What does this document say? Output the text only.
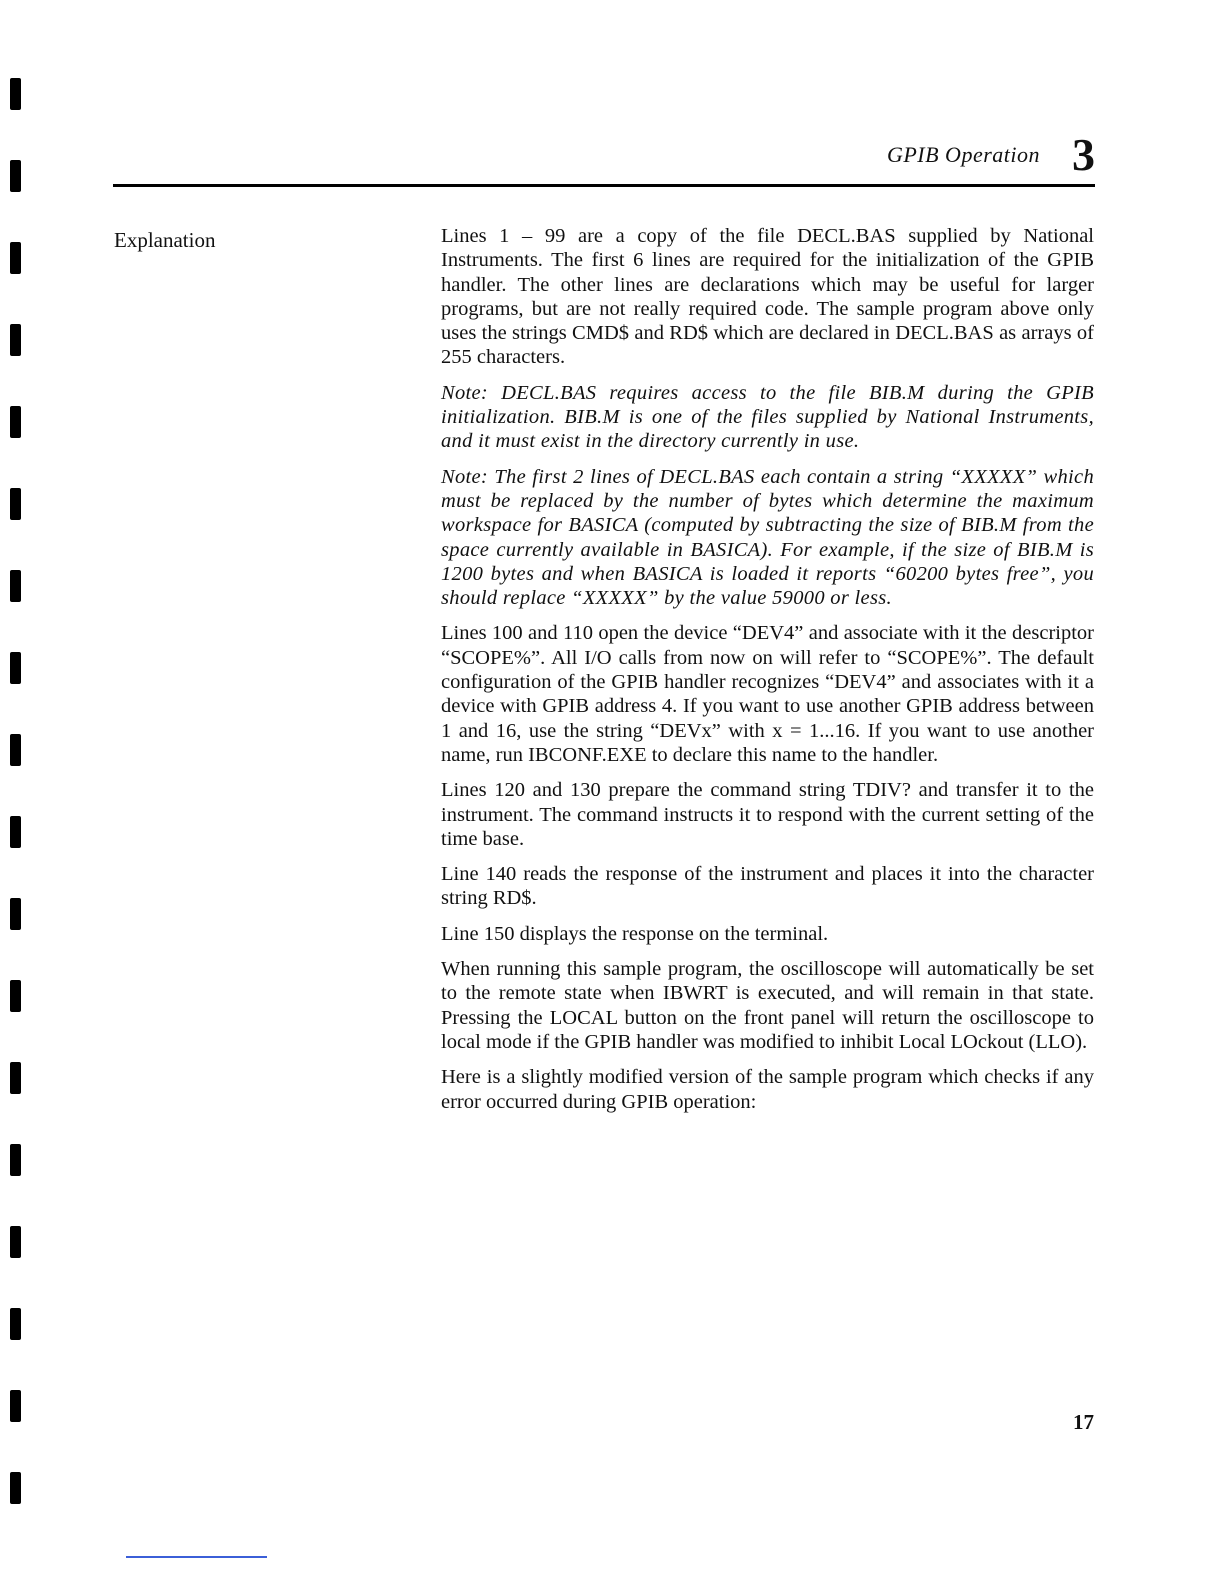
GPIB Operation 3
Explanation	Lines 1 – 99 are a copy of the file DECL.BAS supplied by National Instruments. The first 6 lines are required for the initialization of the GPIB handler. The other lines are declarations which may be useful for larger programs, but are not really required code. The sample program above only uses the strings CMD$ and RD$ which are declared in DECL.BAS as arrays of 255 characters.

Note: DECL.BAS requires access to the file BIB.M during the GPIB initialization. BIB.M is one of the files supplied by National Instruments, and it must exist in the directory currently in use.

Note: The first 2 lines of DECL.BAS each contain a string “XXXXX” which must be replaced by the number of bytes which determine the maximum workspace for BASICA (computed by subtracting the size of BIB.M from the space currently available in BASICA). For example, if the size of BIB.M is 1200 bytes and when BASICA is loaded it reports “60200 bytes free”, you should replace “XXXXX” by the value 59000 or less.

Lines 100 and 110 open the device “DEV4” and associate with it the descriptor “SCOPE%”. All I/O calls from now on will refer to “SCOPE%”. The default configuration of the GPIB handler recognizes “DEV4” and associates with it a device with GPIB address 4. If you want to use another GPIB address between 1 and 16, use the string “DEVx” with x = 1...16. If you want to use another name, run IBCONF.EXE to declare this name to the handler.

Lines 120 and 130 prepare the command string TDIV? and transfer it to the instrument. The command instructs it to respond with the current setting of the time base.

Line 140 reads the response of the instrument and places it into the character string RD$.

Line 150 displays the response on the terminal.

When running this sample program, the oscilloscope will automatically be set to the remote state when IBWRT is executed, and will remain in that state. Pressing the LOCAL button on the front panel will return the oscilloscope to local mode if the GPIB handler was modified to inhibit Local LOckout (LLO).

Here is a slightly modified version of the sample program which checks if any error occurred during GPIB operation:

17
